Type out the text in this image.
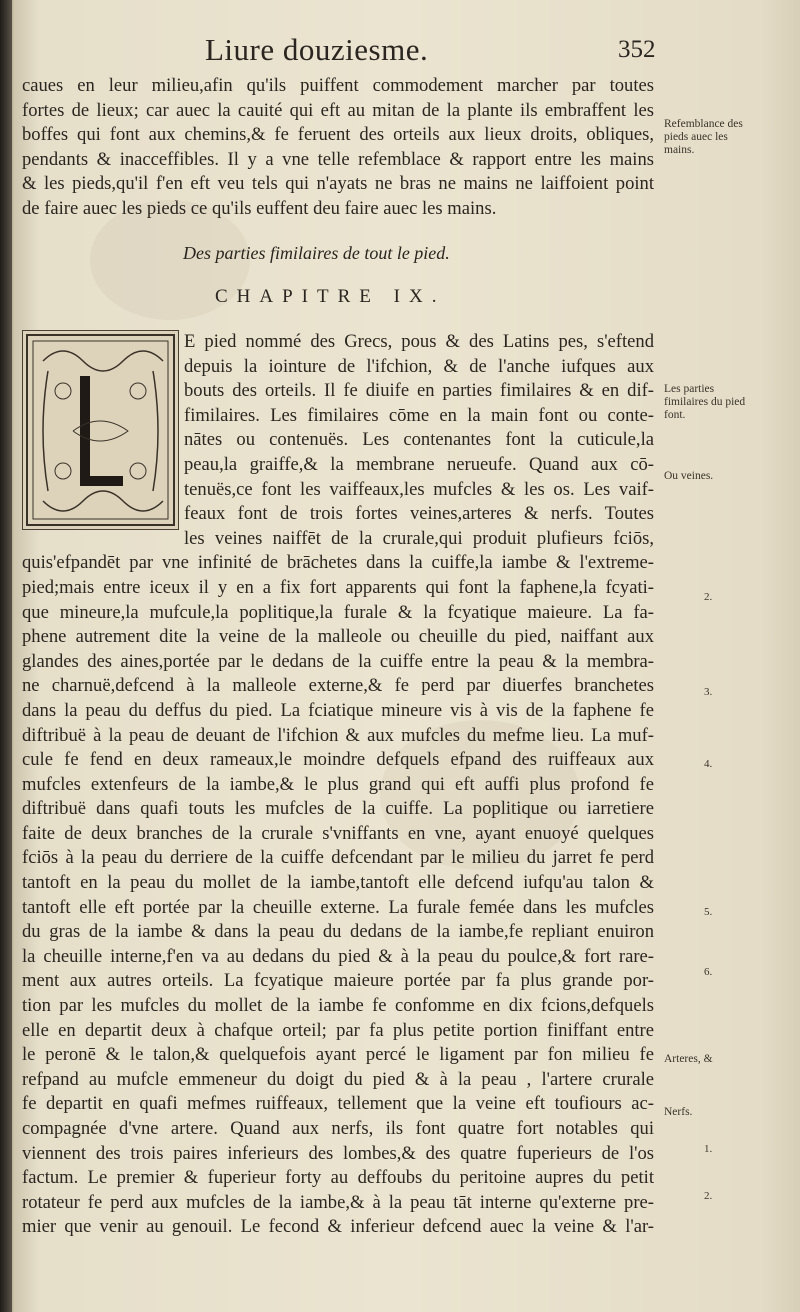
Liure douziesme.	352
caues en leur milieu,afin qu'ils puiffent commodement marcher par toutes
fortes de lieux; car auec la cauité qui eft au mitan de la plante ils embraffent les
boffes qui font aux chemins,& fe feruent des orteils aux lieux droits, obliques,
pendants & inacceffibles. Il y a vne telle refemblace & rapport entre les mains
& les pieds,qu'il f'en eft veu tels qui n'ayats ne bras ne mains ne laiffoient point
de faire auec les pieds ce qu'ils euffent deu faire auec les mains.
Des parties fimilaires de tout le pied.
CHAPITRE IX.
E pied nommé des Grecs, pous & des Latins pes, s'eftend
depuis la iointure de l'ifchion, & de l'anche iufques aux
bouts des orteils. Il fe diuife en parties fimilaires & en dif-
fimilaires. Les fimilaires cōme en la main font ou conte-
nātes ou contenuës. Les contenantes font la cuticule,la
peau,la graiffe,& la membrane nerueufe. Quand aux cō-
tenuës,ce font les vaiffeaux,les mufcles & les os. Les vaif-
feaux font de trois fortes veines,arteres & nerfs. Toutes
les veines naiffēt de la crurale,qui produit plufieurs fciōs,
quis'efpandēt par vne infinité de brāchetes dans la cuiffe,la iambe & l'extreme-
pied;mais entre iceux il y en a fix fort apparents qui font la faphene,la fcyati-
que mineure,la mufcule,la poplitique,la furale & la fcyatique maieure. La fa-
phene autrement dite la veine de la malleole ou cheuille du pied, naiffant aux
glandes des aines,portée par le dedans de la cuiffe entre la peau & la membra-
ne charnuë,defcend à la malleole externe,& fe perd par diuerfes branchetes
dans la peau du deffus du pied. La fciatique mineure vis à vis de la faphene fe
diftribuë à la peau de deuant de l'ifchion & aux mufcles du mefme lieu. La muf-
cule fe fend en deux rameaux,le moindre defquels efpand des ruiffeaux aux
mufcles extenfeurs de la iambe,& le plus grand qui eft auffi plus profond fe
diftribuë dans quafi touts les mufcles de la cuiffe. La poplitique ou iarretiere
faite de deux branches de la crurale s'vniffants en vne, ayant enuoyé quelques
fciōs à la peau du derriere de la cuiffe defcendant par le milieu du jarret fe perd
tantoft en la peau du mollet de la iambe,tantoft elle defcend iufqu'au talon &
tantoft elle eft portée par la cheuille externe. La furale femée dans les mufcles
du gras de la iambe & dans la peau du dedans de la iambe,fe repliant enuiron
la cheuille interne,f'en va au dedans du pied & à la peau du poulce,& fort rare-
ment aux autres orteils. La fcyatique maieure portée par fa plus grande por-
tion par les mufcles du mollet de la iambe fe confomme en dix fcions,defquels
elle en departit deux à chafque orteil; par fa plus petite portion finiffant entre
le peronē & le talon,& quelquefois ayant percé le ligament par fon milieu fe
refpand au mufcle emmeneur du doigt du pied & à la peau , l'artere crurale
fe departit en quafi mefmes ruiffeaux, tellement que la veine eft toufiours ac-
compagnée d'vne artere. Quand aux nerfs, ils font quatre fort notables qui
viennent des trois paires inferieurs des lombes,& des quatre fuperieurs de l'os
factum. Le premier & fuperieur forty au deffoubs du peritoine aupres du petit
rotateur fe perd aux mufcles de la iambe,& à la peau tāt interne qu'externe pre-
mier que venir au genouil. Le fecond & inferieur defcend auec la veine & l'ar-
Refemblance des pieds auec les mains.
Les parties fimilaires du pied font.
Ou veines.
Arteres, &
Nerfs.
2.
3.
4.
5.
6.
1.
2.
